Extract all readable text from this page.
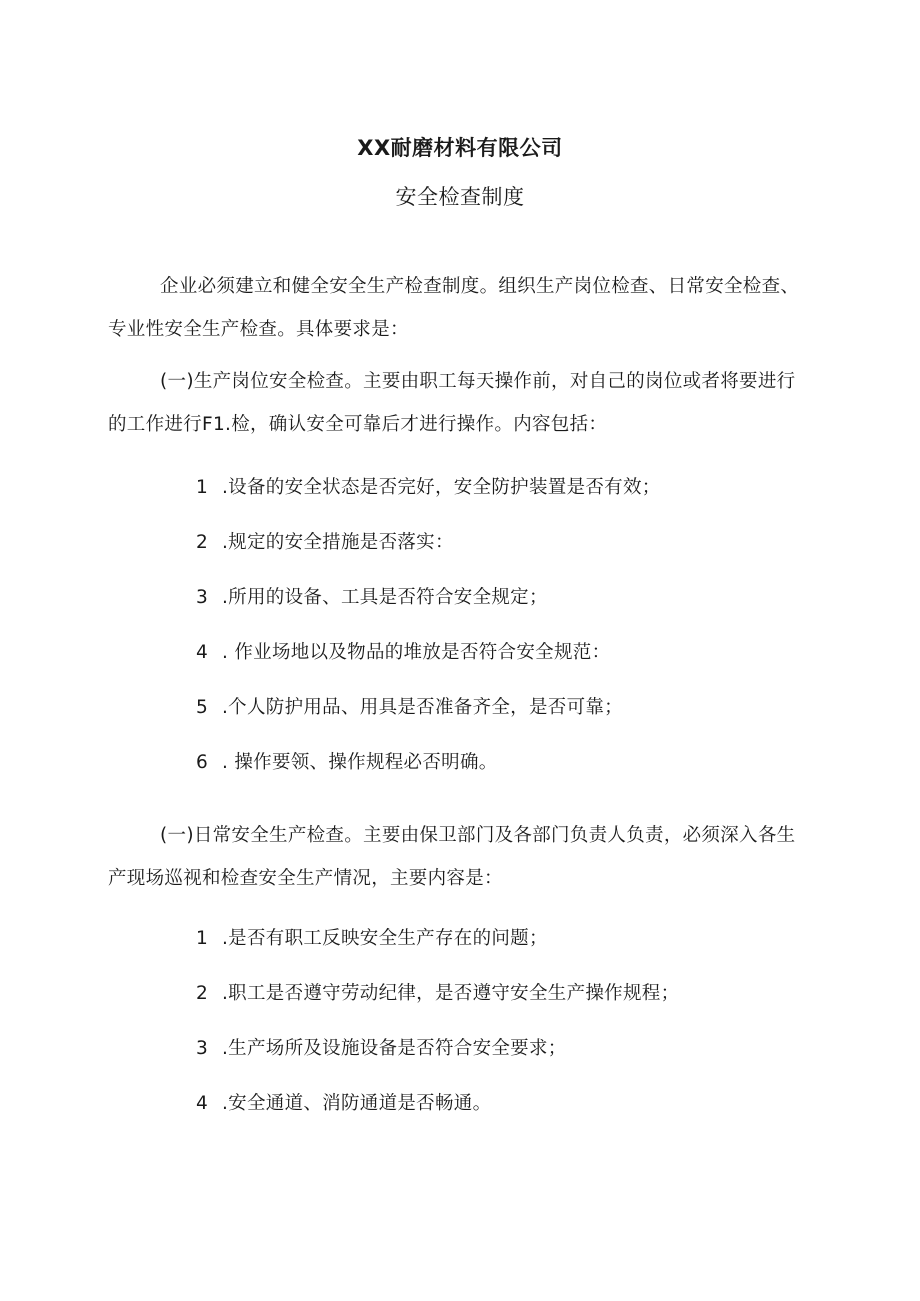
XX耐磨材料有限公司
安全检查制度
企业必须建立和健全安全生产检查制度。组织生产岗位检查、日常安全检查、专业性安全生产检查。具体要求是：
(一)生产岗位安全检查。主要由职工每天操作前，对自己的岗位或者将要进行的工作进行F1.检，确认安全可靠后才进行操作。内容包括：
1 .设备的安全状态是否完好，安全防护装置是否有效；
2 .规定的安全措施是否落实：
3 .所用的设备、工具是否符合安全规定；
4 . 作业场地以及物品的堆放是否符合安全规范：
5 .个人防护用品、用具是否准备齐全，是否可靠；
6 . 操作要领、操作规程必否明确。
(一)日常安全生产检查。主要由保卫部门及各部门负责人负责，必须深入各生产现场巡视和检查安全生产情况，主要内容是：
1 .是否有职工反映安全生产存在的问题；
2 .职工是否遵守劳动纪律，是否遵守安全生产操作规程；
3 .生产场所及设施设备是否符合安全要求；
4 .安全通道、消防通道是否畅通。
